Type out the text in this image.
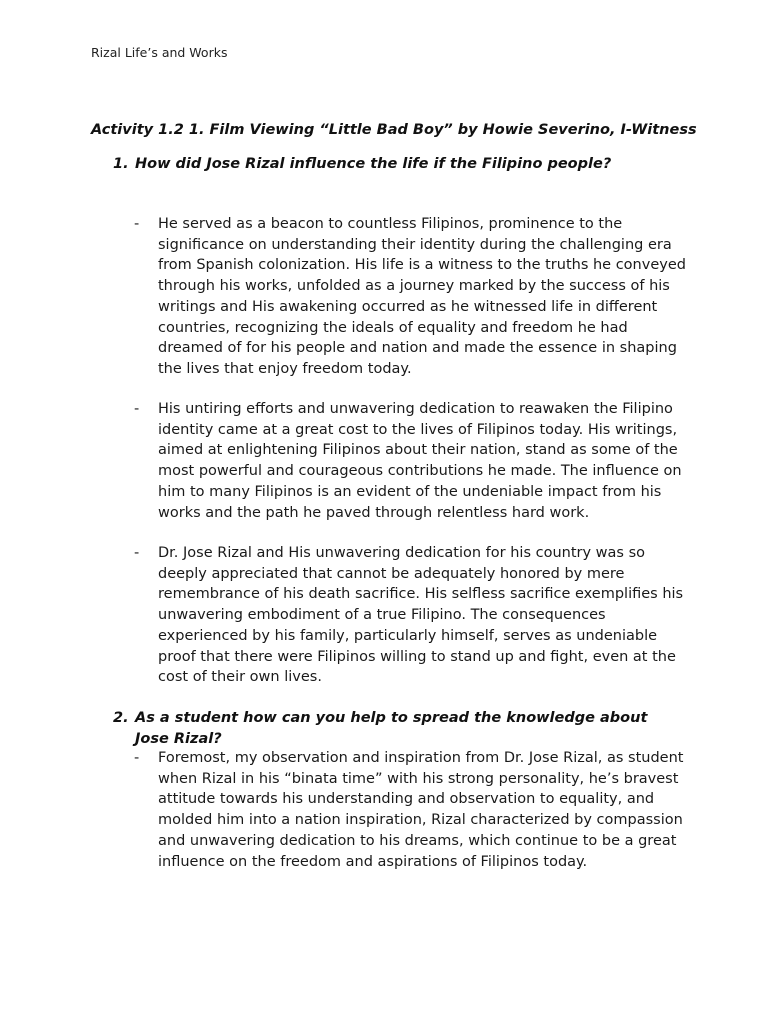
Rizal Life’s and Works
Activity 1.2 1. Film Viewing “Little Bad Boy” by Howie Severino, I-Witness
1. How did Jose Rizal influence the life if the Filipino people?
- He served as a beacon to countless Filipinos, prominence to the significance on understanding their identity during the challenging era from Spanish colonization. His life is a witness to the truths he conveyed through his works, unfolded as a journey marked by the success of his writings and His awakening occurred as he witnessed life in different countries, recognizing the ideals of equality and freedom he had dreamed of for his people and nation and made the essence in shaping the lives that enjoy freedom today.
- His untiring efforts and unwavering dedication to reawaken the Filipino identity came at a great cost to the lives of Filipinos today. His writings, aimed at enlightening Filipinos about their nation, stand as some of the most powerful and courageous contributions he made. The influence on him to many Filipinos is an evident of the undeniable impact from his works and the path he paved through relentless hard work.
- Dr. Jose Rizal and His unwavering dedication for his country was so deeply appreciated that cannot be adequately honored by mere remembrance of his death sacrifice. His selfless sacrifice exemplifies his unwavering embodiment of a true Filipino. The consequences experienced by his family, particularly himself, serves as undeniable proof that there were Filipinos willing to stand up and fight, even at the cost of their own lives.
2. As a student how can you help to spread the knowledge about Jose Rizal?
- Foremost, my observation and inspiration from Dr. Jose Rizal, as student when Rizal in his “binata time” with his strong personality, he’s bravest attitude towards his understanding and observation to equality, and molded him into a nation inspiration, Rizal characterized by compassion and unwavering dedication to his dreams, which continue to be a great influence on the freedom and aspirations of Filipinos today.
